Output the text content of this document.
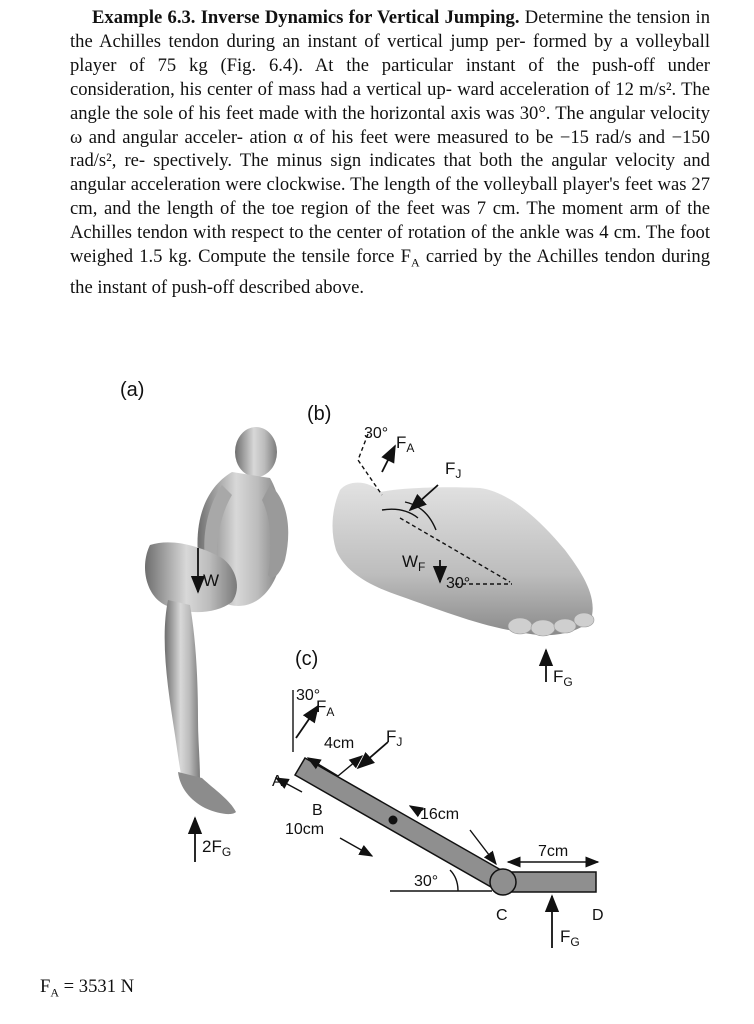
Example 6.3. Inverse Dynamics for Vertical Jumping. Determine the tension in the Achilles tendon during an instant of vertical jump per- formed by a volleyball player of 75 kg (Fig. 6.4). At the particular instant of the push-off under consideration, his center of mass had a vertical up- ward acceleration of 12 m/s². The angle the sole of his feet made with the horizontal axis was 30°. The angular velocity ω and angular acceler- ation α of his feet were measured to be −15 rad/s and −150 rad/s², re- spectively. The minus sign indicates that both the angular velocity and angular acceleration were clockwise. The length of the volleyball player's feet was 27 cm, and the length of the toe region of the feet was 7 cm. The moment arm of the Achilles tendon with respect to the center of rotation of the ankle was 4 cm. The foot weighed 1.5 kg. Compute the tensile force $F_A$ carried by the Achilles tendon during the instant of push-off described above.

(a)
W
$2F_G$
(b)
30° $F_A$
$F_J$
$W_F$
30°
$F_G$
(c)
30°
$F_A$
4cm $F_J$
A
B
10cm
16cm
30°
7cm
C	D
$F_G$
$F_A = 3531$ N
